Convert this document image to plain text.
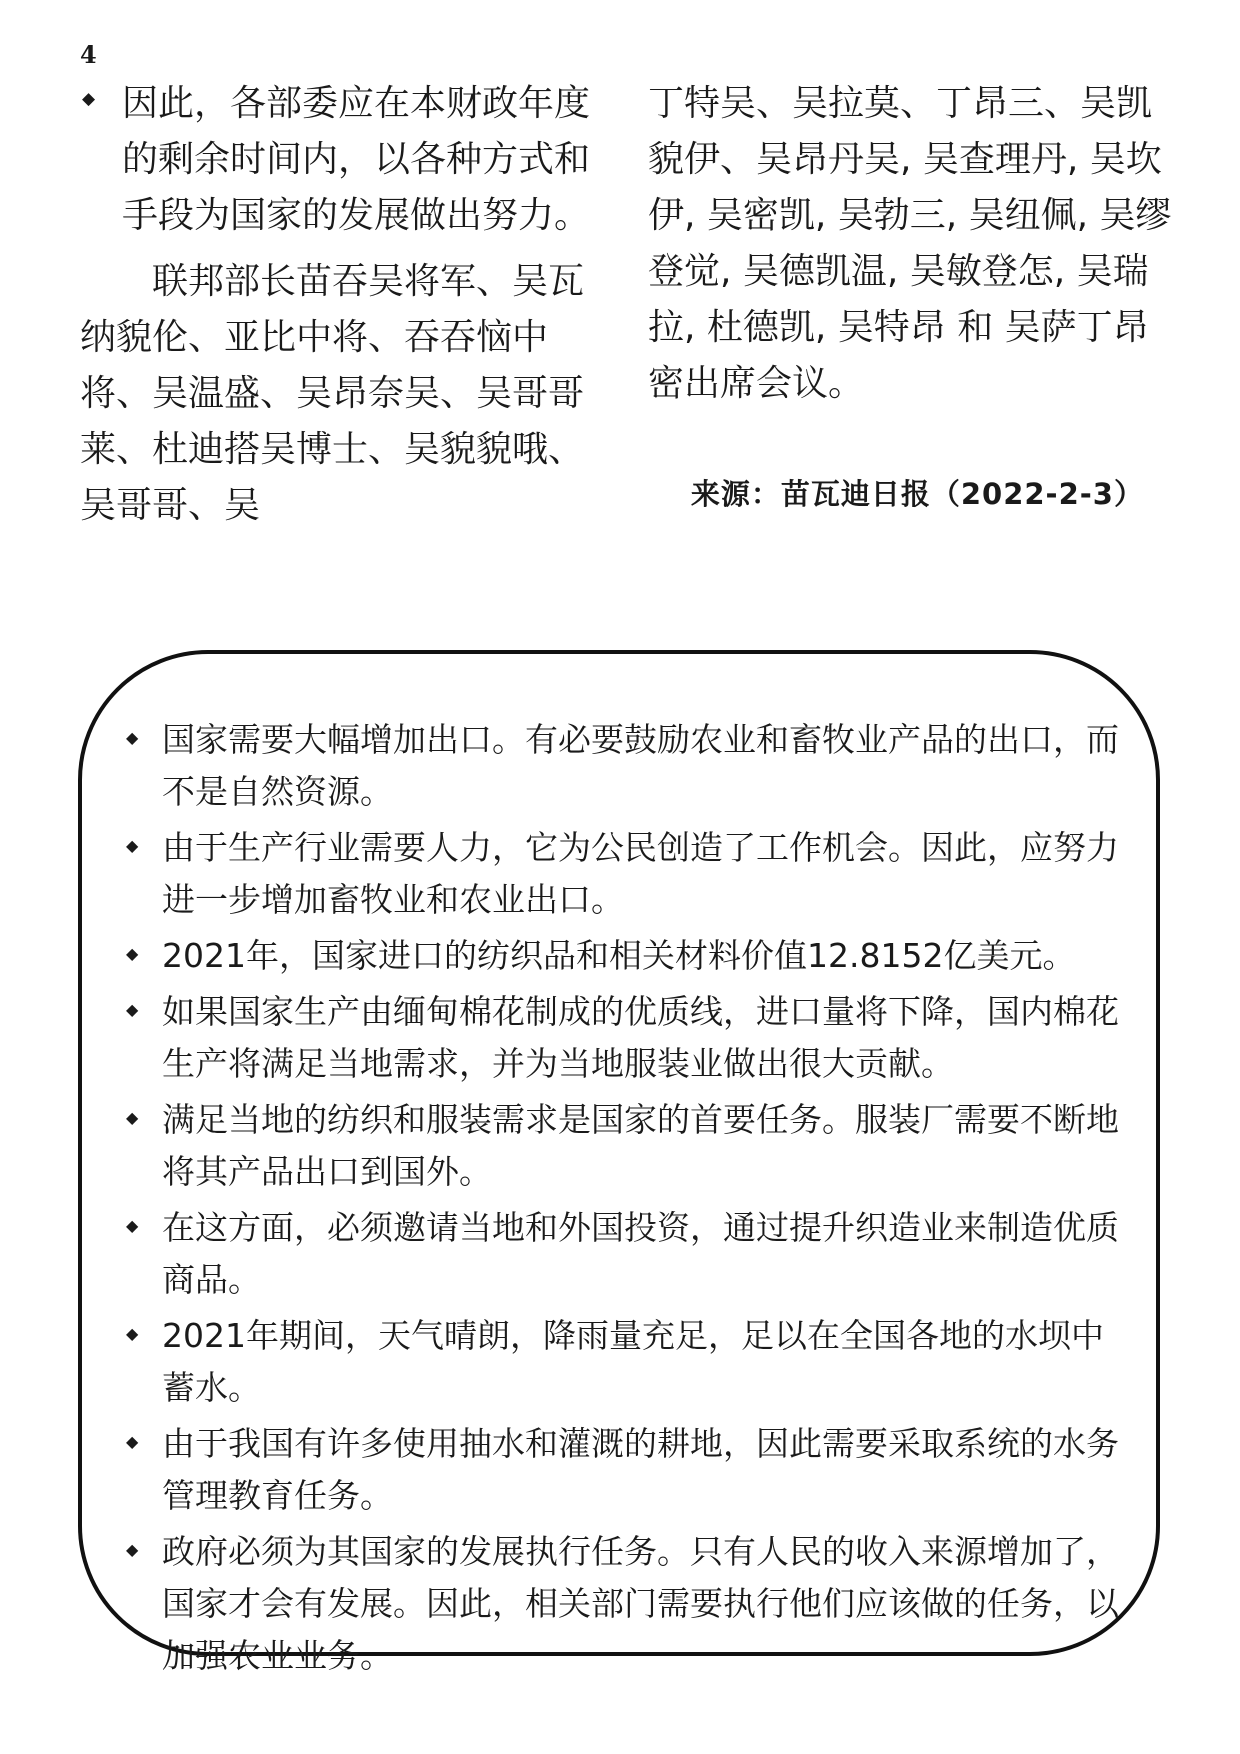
4
◆ 因此，各部委应在本财政年度的剩余时间内，以各种方式和手段为国家的发展做出努力。

联邦部长苗吞吴将军、吴瓦纳貌伦、亚比中将、吞吞恼中将、吴温盛、吴昂奈吴、吴哥哥莱、杜迪搭吴博士、吴貌貌哦、吴哥哥、吴

丁特吴、吴拉莫、丁昂三、吴凯貌伊、吴昂丹吴, 吴查理丹, 吴坎伊, 吴密凯, 吴勃三, 吴纽佩, 吴缪登觉, 吴德凯温, 吴敏登怎, 吴瑞拉, 杜德凯, 吴特昂 和 吴萨丁昂密出席会议。

来源：苗瓦迪日报（2022-2-3）
◆ 国家需要大幅增加出口。有必要鼓励农业和畜牧业产品的出口，而不是自然资源。
◆ 由于生产行业需要人力，它为公民创造了工作机会。因此，应努力进一步增加畜牧业和农业出口。
◆ 2021年，国家进口的纺织品和相关材料价值12.8152亿美元。
◆ 如果国家生产由缅甸棉花制成的优质线，进口量将下降，国内棉花生产将满足当地需求，并为当地服装业做出很大贡献。
◆ 满足当地的纺织和服装需求是国家的首要任务。服装厂需要不断地将其产品出口到国外。
◆ 在这方面，必须邀请当地和外国投资，通过提升织造业来制造优质商品。
◆ 2021年期间，天气晴朗，降雨量充足，足以在全国各地的水坝中蓄水。
◆ 由于我国有许多使用抽水和灌溉的耕地，因此需要采取系统的水务管理教育任务。
◆ 政府必须为其国家的发展执行任务。只有人民的收入来源增加了，国家才会有发展。因此，相关部门需要执行他们应该做的任务，以加强农业业务。
